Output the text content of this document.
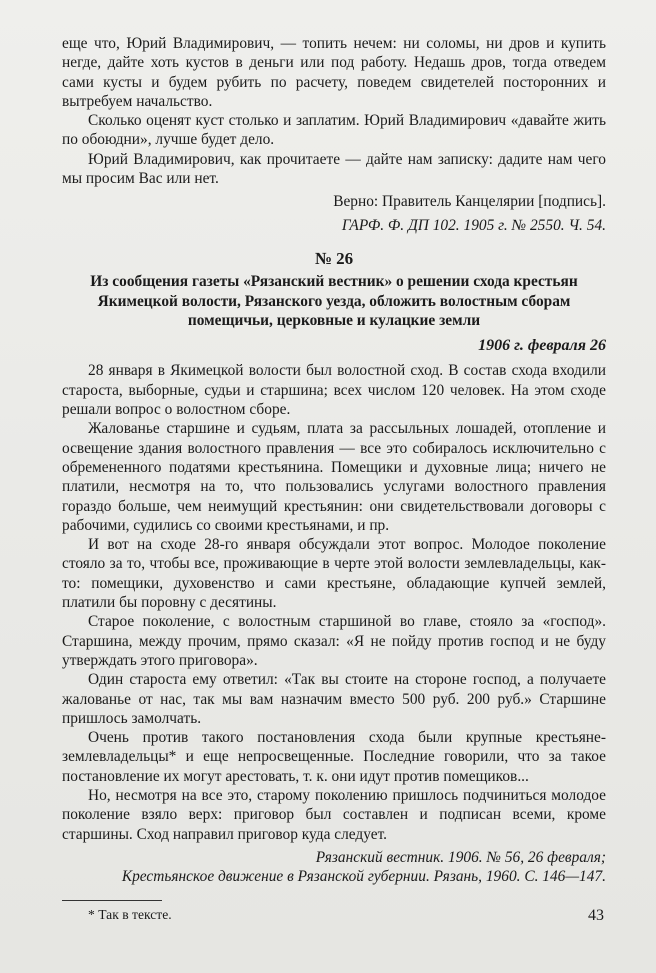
еще что, Юрий Владимирович, — топить нечем: ни соломы, ни дров и купить негде, дайте хоть кустов в деньги или под работу. Недашь дров, тогда отведем сами кусты и будем рубить по расчету, поведем свидетелей посторонних и вытребуем начальство.

Сколько оценят куст столько и заплатим. Юрий Владимирович «давайте жить по обоюдни», лучше будет дело.

Юрий Владимирович, как прочитаете — дайте нам записку: дадите нам чего мы просим Вас или нет.

Верно: Правитель Канцелярии [подпись].

ГАРФ. Ф. ДП 102. 1905 г. № 2550. Ч. 54.

№ 26
Из сообщения газеты «Рязанский вестник» о решении схода крестьян Якимецкой волости, Рязанского уезда, обложить волостным сборам помещичьи, церковные и кулацкие земли
1906 г. февраля 26

28 января в Якимецкой волости был волостной сход. В состав схода входили староста, выборные, судьи и старшина; всех числом 120 человек. На этом сходе решали вопрос о волостном сборе.

Жалованье старшине и судьям, плата за рассыльных лошадей, отопление и освещение здания волостного правления — все это собиралось исключительно с обремененного податями крестьянина. Помещики и духовные лица; ничего не платили, несмотря на то, что пользовались услугами волостного правления гораздо больше, чем неимущий крестьянин: они свидетельствовали договоры с рабочими, судились со своими крестьянами, и пр.

И вот на сходе 28-го января обсуждали этот вопрос. Молодое поколение стояло за то, чтобы все, проживающие в черте этой волости землевладельцы, как-то: помещики, духовенство и сами крестьяне, обладающие купчей землей, платили бы поровну с десятины.

Старое поколение, с волостным старшиной во главе, стояло за «господ». Старшина, между прочим, прямо сказал: «Я не пойду против господ и не буду утверждать этого приговора».

Один староста ему ответил: «Так вы стоите на стороне господ, а получаете жалованье от нас, так мы вам назначим вместо 500 руб. 200 руб.» Старшине пришлось замолчать.

Очень против такого постановления схода были крупные крестьяне-землевладельцы* и еще непросвещенные. Последние говорили, что за такое постановление их могут арестовать, т. к. они идут против помещиков...

Но, несмотря на все это, старому поколению пришлось подчиниться молодое поколение взяло верх: приговор был составлен и подписан всеми, кроме старшины. Сход направил приговор куда следует.

Рязанский вестник. 1906. № 56, 26 февраля;

Крестьянское движение в Рязанской губернии. Рязань, 1960. С. 146—147.

* Так в тексте.	43
